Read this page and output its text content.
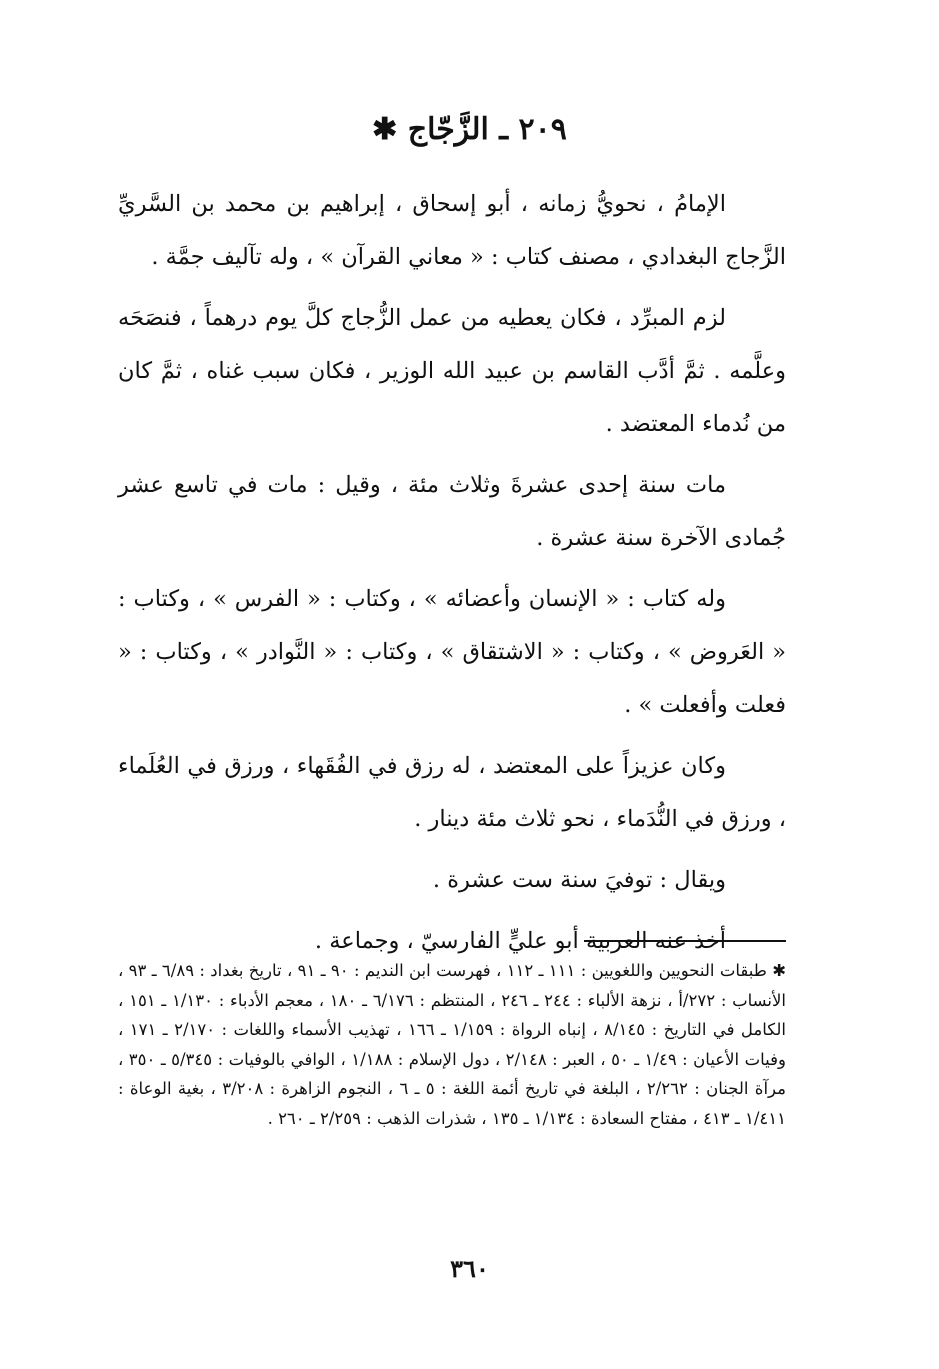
٢٠٩ ـ الزَّجّاج ✱

الإمامُ ، نحويُّ زمانه ، أبو إسحاق ، إبراهيم بن محمد بن السَّريِّ الزَّجاج البغدادي ، مصنف كتاب : « معاني القرآن » ، وله تآليف جمَّة .

لزم المبرِّد ، فكان يعطيه من عمل الزُّجاج كلَّ يوم درهماً ، فنصَحَه وعلَّمه . ثمَّ أدَّب القاسم بن عبيد الله الوزير ، فكان سبب غناه ، ثمَّ كان من نُدماء المعتضد .

مات سنة إحدى عشرةَ وثلاث مئة ، وقيل : مات في تاسع عشر جُمادى الآخرة سنة عشرة .

وله كتاب : « الإنسان وأعضائه » ، وكتاب : « الفرس » ، وكتاب : « العَروض » ، وكتاب : « الاشتقاق » ، وكتاب : « النَّوادر » ، وكتاب : « فعلت وأفعلت » .

وكان عزيزاً على المعتضد ، له رزق في الفُقَهاء ، ورزق في العُلَماء ، ورزق في النُّدَماء ، نحو ثلاث مئة دينار .

ويقال : توفيَ سنة ست عشرة .

أخذ عنه العربية أبو عليٍّ الفارسيّ ، وجماعة .

✱ طبقات النحويين واللغويين : ١١١ ـ ١١٢ ، فهرست ابن النديم : ٩٠ ـ ٩١ ، تاريخ بغداد : ٦/٨٩ ـ ٩٣ ، الأنساب : ٢٧٢/أ ، نزهة الألباء : ٢٤٤ ـ ٢٤٦ ، المنتظم : ٦/١٧٦ ـ ١٨٠ ، معجم الأدباء : ١/١٣٠ ـ ١٥١ ، الكامل في التاريخ : ٨/١٤٥ ، إنباه الرواة : ١/١٥٩ ـ ١٦٦ ، تهذيب الأسماء واللغات : ٢/١٧٠ ـ ١٧١ ، وفيات الأعيان : ١/٤٩ ـ ٥٠ ، العبر : ٢/١٤٨ ، دول الإسلام : ١/١٨٨ ، الوافي بالوفيات : ٥/٣٤٥ ـ ٣٥٠ ، مرآة الجنان : ٢/٢٦٢ ، البلغة في تاريخ أئمة اللغة : ٥ ـ ٦ ، النجوم الزاهرة : ٣/٢٠٨ ، بغية الوعاة : ١/٤١١ ـ ٤١٣ ، مفتاح السعادة : ١/١٣٤ ـ ١٣٥ ، شذرات الذهب : ٢/٢٥٩ ـ ٢٦٠ .

٣٦٠
